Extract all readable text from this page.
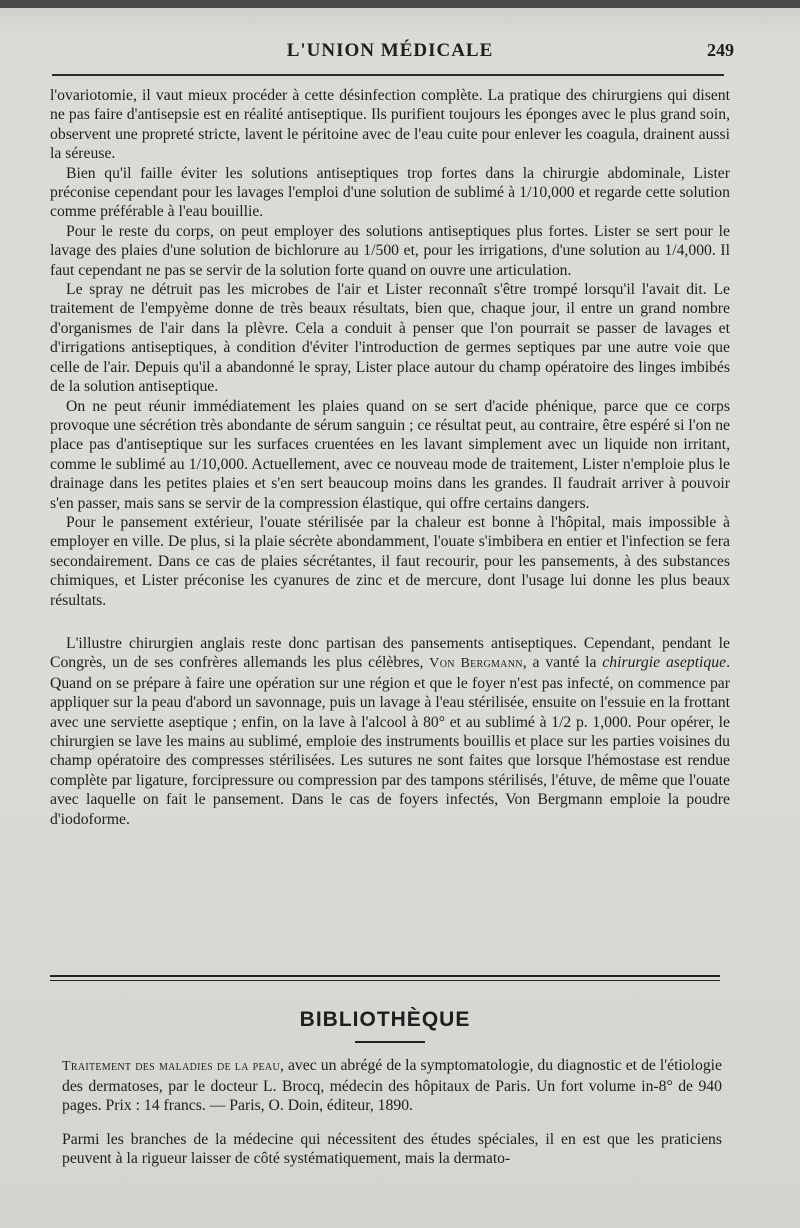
L'UNION MÉDICALE	249

l'ovariotomie, il vaut mieux procéder à cette désinfection complète. La pratique des chirurgiens qui disent ne pas faire d'antisepsie est en réalité antiseptique. Ils purifient toujours les éponges avec le plus grand soin, observent une propreté stricte, lavent le péritoine avec de l'eau cuite pour enlever les coagula, drainent aussi la séreuse.

Bien qu'il faille éviter les solutions antiseptiques trop fortes dans la chirurgie abdominale, Lister préconise cependant pour les lavages l'emploi d'une solution de sublimé à 1/10,000 et regarde cette solution comme préférable à l'eau bouillie.

Pour le reste du corps, on peut employer des solutions antiseptiques plus fortes. Lister se sert pour le lavage des plaies d'une solution de bichlorure au 1/500 et, pour les irrigations, d'une solution au 1/4,000. Il faut cependant ne pas se servir de la solution forte quand on ouvre une articulation.

Le spray ne détruit pas les microbes de l'air et Lister reconnaît s'être trompé lorsqu'il l'avait dit. Le traitement de l'empyème donne de très beaux résultats, bien que, chaque jour, il entre un grand nombre d'organismes de l'air dans la plèvre. Cela a conduit à penser que l'on pourrait se passer de lavages et d'irrigations antiseptiques, à condition d'éviter l'introduction de germes septiques par une autre voie que celle de l'air. Depuis qu'il a abandonné le spray, Lister place autour du champ opératoire des linges imbibés de la solution antiseptique.

On ne peut réunir immédiatement les plaies quand on se sert d'acide phénique, parce que ce corps provoque une sécrétion très abondante de sérum sanguin ; ce résultat peut, au contraire, être espéré si l'on ne place pas d'antiseptique sur les surfaces cruentées en les lavant simplement avec un liquide non irritant, comme le sublimé au 1/10,000. Actuellement, avec ce nouveau mode de traitement, Lister n'emploie plus le drainage dans les petites plaies et s'en sert beaucoup moins dans les grandes. Il faudrait arriver à pouvoir s'en passer, mais sans se servir de la compression élastique, qui offre certains dangers.

Pour le pansement extérieur, l'ouate stérilisée par la chaleur est bonne à l'hôpital, mais impossible à employer en ville. De plus, si la plaie sécrète abondamment, l'ouate s'imbibera en entier et l'infection se fera secondairement. Dans ce cas de plaies sécrétantes, il faut recourir, pour les pansements, à des substances chimiques, et Lister préconise les cyanures de zinc et de mercure, dont l'usage lui donne les plus beaux résultats.

L'illustre chirurgien anglais reste donc partisan des pansements antiseptiques. Cependant, pendant le Congrès, un de ses confrères allemands les plus célèbres, Von Bergmann, a vanté la chirurgie aseptique. Quand on se prépare à faire une opération sur une région et que le foyer n'est pas infecté, on commence par appliquer sur la peau d'abord un savonnage, puis un lavage à l'eau stérilisée, ensuite on l'essuie en la frottant avec une serviette aseptique ; enfin, on la lave à l'alcool à 80° et au sublimé à 1/2 p. 1,000. Pour opérer, le chirurgien se lave les mains au sublimé, emploie des instruments bouillis et place sur les parties voisines du champ opératoire des compresses stérilisées. Les sutures ne sont faites que lorsque l'hémostase est rendue complète par ligature, forcipressure ou compression par des tampons stérilisés, l'étuve, de même que l'ouate avec laquelle on fait le pansement. Dans le cas de foyers infectés, Von Bergmann emploie la poudre d'iodoforme.

BIBLIOTHÈQUE

Traitement des maladies de la peau, avec un abrégé de la symptomatologie, du diagnostic et de l'étiologie des dermatoses, par le docteur L. Brocq, médecin des hôpitaux de Paris. Un fort volume in-8° de 940 pages. Prix : 14 francs. — Paris, O. Doin, éditeur, 1890.

Parmi les branches de la médecine qui nécessitent des études spéciales, il en est que les praticiens peuvent à la rigueur laisser de côté systématiquement, mais la dermato-
